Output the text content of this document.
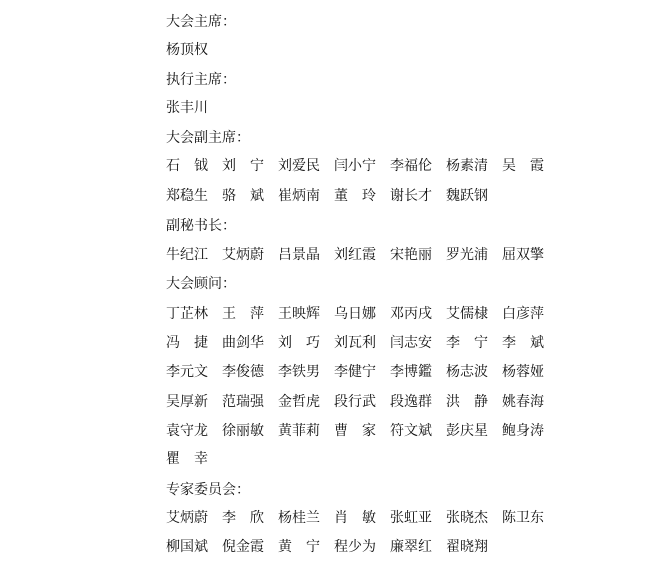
大会主席：
杨顶权
执行主席：
张丰川
大会副主席：
石　钺 刘　宁 刘爱民 闫小宁 李福伦 杨素清 吴　霞
郑稳生 骆　斌 崔炳南 董　玲 谢长才 魏跃钢
副秘书长：
牛纪江 艾炳蔚 吕景晶 刘红霞 宋艳丽 罗光浦 屈双擎
大会顾问：
丁芷林 王　萍 王映辉 乌日娜 邓丙戌 艾儒棣 白彦萍
冯　捷 曲剑华 刘　巧 刘瓦利 闫志安 李　宁 李　斌
李元文 李俊德 李铁男 李健宁 李博鑑 杨志波 杨蓉娅
吴厚新 范瑞强 金哲虎 段行武 段逸群 洪　静 姚春海
袁守龙 徐丽敏 黄菲莉 曹　家 符文斌 彭庆星 鲍身涛
瞿　幸
专家委员会：
艾炳蔚 李　欣 杨桂兰 肖　敏 张虹亚 张晓杰 陈卫东
柳国斌 倪金霞 黄　宁 程少为 廉翠红 翟晓翔
